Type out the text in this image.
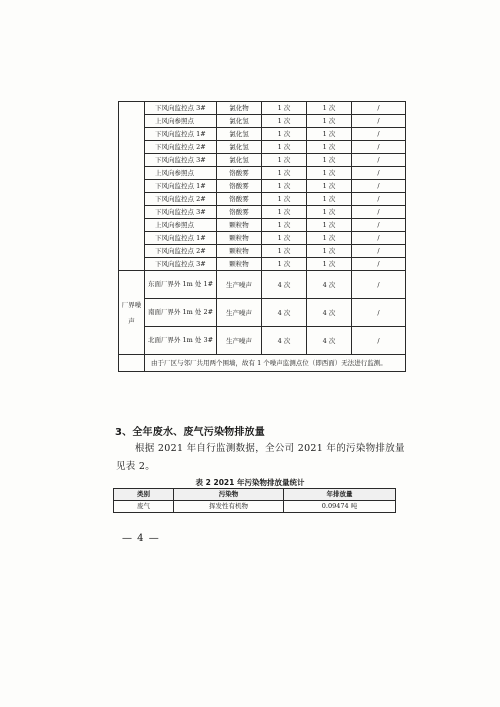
	下风向监控点 3#	氯化物	1 次	1 次	/
	上风向参照点	氯化氢	1 次	1 次	/
	下风向监控点 1#	氯化氢	1 次	1 次	/
	下风向监控点 2#	氯化氢	1 次	1 次	/
	下风向监控点 3#	氯化氢	1 次	1 次	/
	上风向参照点	铬酸雾	1 次	1 次	/
	下风向监控点 1#	铬酸雾	1 次	1 次	/
	下风向监控点 2#	铬酸雾	1 次	1 次	/
	下风向监控点 3#	铬酸雾	1 次	1 次	/
	上风向参照点	颗粒物	1 次	1 次	/
	下风向监控点 1#	颗粒物	1 次	1 次	/
	下风向监控点 2#	颗粒物	1 次	1 次	/
	下风向监控点 3#	颗粒物	1 次	1 次	/
厂界噪声	东面厂界外 1m 处 1#	生产噪声	4 次	4 次	/
	南面厂界外 1m 处 2#	生产噪声	4 次	4 次	/
	北面厂界外 1m 处 3#	生产噪声	4 次	4 次	/
	由于厂区与邻厂共用两个围墙，故有 1 个噪声监测点位（即西面）无法进行监测。				
3、全年废水、废气污染物排放量
根据 2021 年自行监测数据，全公司 2021 年的污染物排放量见表 2。
表 2 2021 年污染物排放量统计
类别	污染物	年排放量
废气	挥发性有机物	0.09474 吨
— 4 —
